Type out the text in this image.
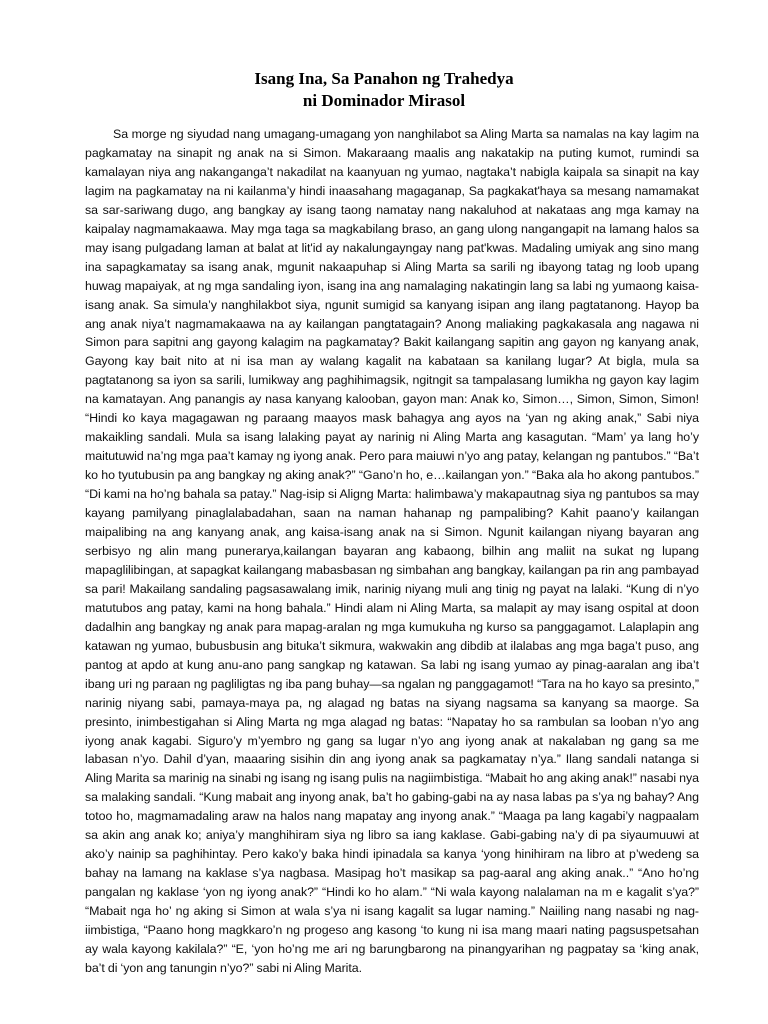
Isang Ina, Sa Panahon ng Trahedya
ni Dominador Mirasol

Sa morge ng siyudad nang umagang-umagang yon nanghilabot sa Aling Marta sa namalas na kay lagim na pagkamatay na sinapit ng anak na si Simon. Makaraang maalis ang nakatakip na puting kumot, rumindi sa kamalayan niya ang nakanganga’t nakadilat na kaanyuan ng yumao, nagtaka’t nabigla kaipala sa sinapit na kay lagim na pagkamatay na ni kailanma’y hindi inaasahang magaganap, Sa pagkakat'haya sa mesang namamakat sa sar-sariwang dugo, ang bangkay ay isang taong namatay nang nakaluhod at nakataas ang mga kamay na kaipalay nagmamakaawa. May mga taga sa magkabilang braso, an gang ulong nangangapit na lamang halos sa may isang pulgadang laman at balat at lit'id ay nakalungayngay nang pat'kwas. Madaling umiyak ang sino mang ina sapagkamatay sa isang anak, mgunit nakaapuhap si Aling Marta sa sarili ng ibayong tatag ng loob upang huwag mapaiyak, at ng mga sandaling iyon, isang ina ang namalaging nakatingin lang sa labi ng yumaong kaisa-isang anak. Sa simula’y nanghilakbot siya, ngunit sumigid sa kanyang isipan ang ilang pagtatanong. Hayop ba ang anak niya’t nagmamakaawa na ay kailangan pangtatagain? Anong maliaking pagkakasala ang nagawa ni Simon para sapitni ang gayong kalagim na pagkamatay? Bakit kailangang sapitin ang gayon ng kanyang anak, Gayong kay bait nito at ni isa man ay walang kagalit na kabataan sa kanilang lugar? At bigla, mula sa pagtatanong sa iyon sa sarili, lumikway ang paghihimagsik, ngitngit sa tampalasang lumikha ng gayon kay lagim na kamatayan. Ang panangis ay nasa kanyang kalooban, gayon man: Anak ko, Simon…, Simon, Simon, Simon! “Hindi ko kaya magagawan ng paraang maayos mask bahagya ang ayos na ‘yan ng aking anak,” Sabi niya makaikling sandali. Mula sa isang lalaking payat ay narinig ni Aling Marta ang kasagutan. “Mam’ ya lang ho’y maitutuwid na’ng mga paa’t kamay ng iyong anak. Pero para maiuwi n’yo ang patay, kelangan ng pantubos.” “Ba’t ko ho tyutubusin pa ang bangkay ng aking anak?” “Gano’n ho, e…kailangan yon.” “Baka ala ho akong pantubos.” “Di kami na ho’ng bahala sa patay.” Nag-isip si Aligng Marta: halimbawa’y makapautnag siya ng pantubos sa may kayang pamilyang pinaglalabadahan, saan na naman hahanap ng pampalibing? Kahit paano’y kailangan maipalibing na ang kanyang anak, ang kaisa-isang anak na si Simon. Ngunit kailangan niyang bayaran ang serbisyo ng alin mang punerarya,kailangan bayaran ang kabaong, bilhin ang maliit na sukat ng lupang mapaglilibingan, at sapagkat kailangang mabasbasan ng simbahan ang bangkay, kailangan pa rin ang pambayad sa pari! Makailang sandaling pagsasawalang imik, narinig niyang muli ang tinig ng payat na lalaki. “Kung di n’yo matutubos ang patay, kami na hong bahala.” Hindi alam ni Aling Marta, sa malapit ay may isang ospital at doon dadalhin ang bangkay ng anak para mapag-aralan ng mga kumukuha ng kurso sa panggagamot. Lalaplapin ang katawan ng yumao, bubusbusin ang bituka’t sikmura, wakwakin ang dibdib at ilalabas ang mga baga’t puso, ang pantog at apdo at kung anu-ano pang sangkap ng katawan. Sa labi ng isang yumao ay pinag-aaralan ang iba’t ibang uri ng paraan ng pagliligtas ng iba pang buhay—sa ngalan ng panggagamot! “Tara na ho kayo sa presinto,” narinig niyang sabi, pamaya-maya pa, ng alagad ng batas na siyang nagsama sa kanyang sa maorge. Sa presinto, inimbestigahan si Aling Marta ng mga alagad ng batas: “Napatay ho sa rambulan sa looban n’yo ang iyong anak kagabi. Siguro’y m’yembro ng gang sa lugar n’yo ang iyong anak at nakalaban ng gang sa me labasan n’yo. Dahil d’yan, maaaring sisihin din ang iyong anak sa pagkamatay n’ya.” Ilang sandali natanga si Aling Marita sa marinig na sinabi ng isang ng isang pulis na nagiimbistiga. “Mabait ho ang aking anak!” nasabi nya sa malaking sandali. “Kung mabait ang inyong anak, ba’t ho gabing-gabi na ay nasa labas pa s’ya ng bahay? Ang totoo ho, magmamadaling araw na halos nang mapatay ang inyong anak.” “Maaga pa lang kagabi’y nagpaalam sa akin ang anak ko; aniya’y manghihiram siya ng libro sa iang kaklase. Gabi-gabing na’y di pa siyaumuuwi at ako’y nainip sa paghihintay. Pero kako’y baka hindi ipinadala sa kanya ‘yong hinihiram na libro at p’wedeng sa bahay na lamang na kaklase s’ya nagbasa. Masipag ho’t masikap sa pag-aaral ang aking anak..” “Ano ho’ng pangalan ng kaklase ‘yon ng iyong anak?” “Hindi ko ho alam.” “Ni wala kayong nalalaman na m e kagalit s’ya?” “Mabait nga ho’ ng aking si Simon at wala s’ya ni isang kagalit sa lugar naming.” Naiiling nang nasabi ng nag-iimbistiga, “Paano hong magkkaro’n ng progeso ang kasong ‘to kung ni isa mang maari nating pagsuspetsahan ay wala kayong kakilala?” “E, ‘yon ho’ng me ari ng barungbarong na pinangyarihan ng pagpatay sa ‘king anak, ba’t di ‘yon ang tanungin n’yo?” sabi ni Aling Marita.
